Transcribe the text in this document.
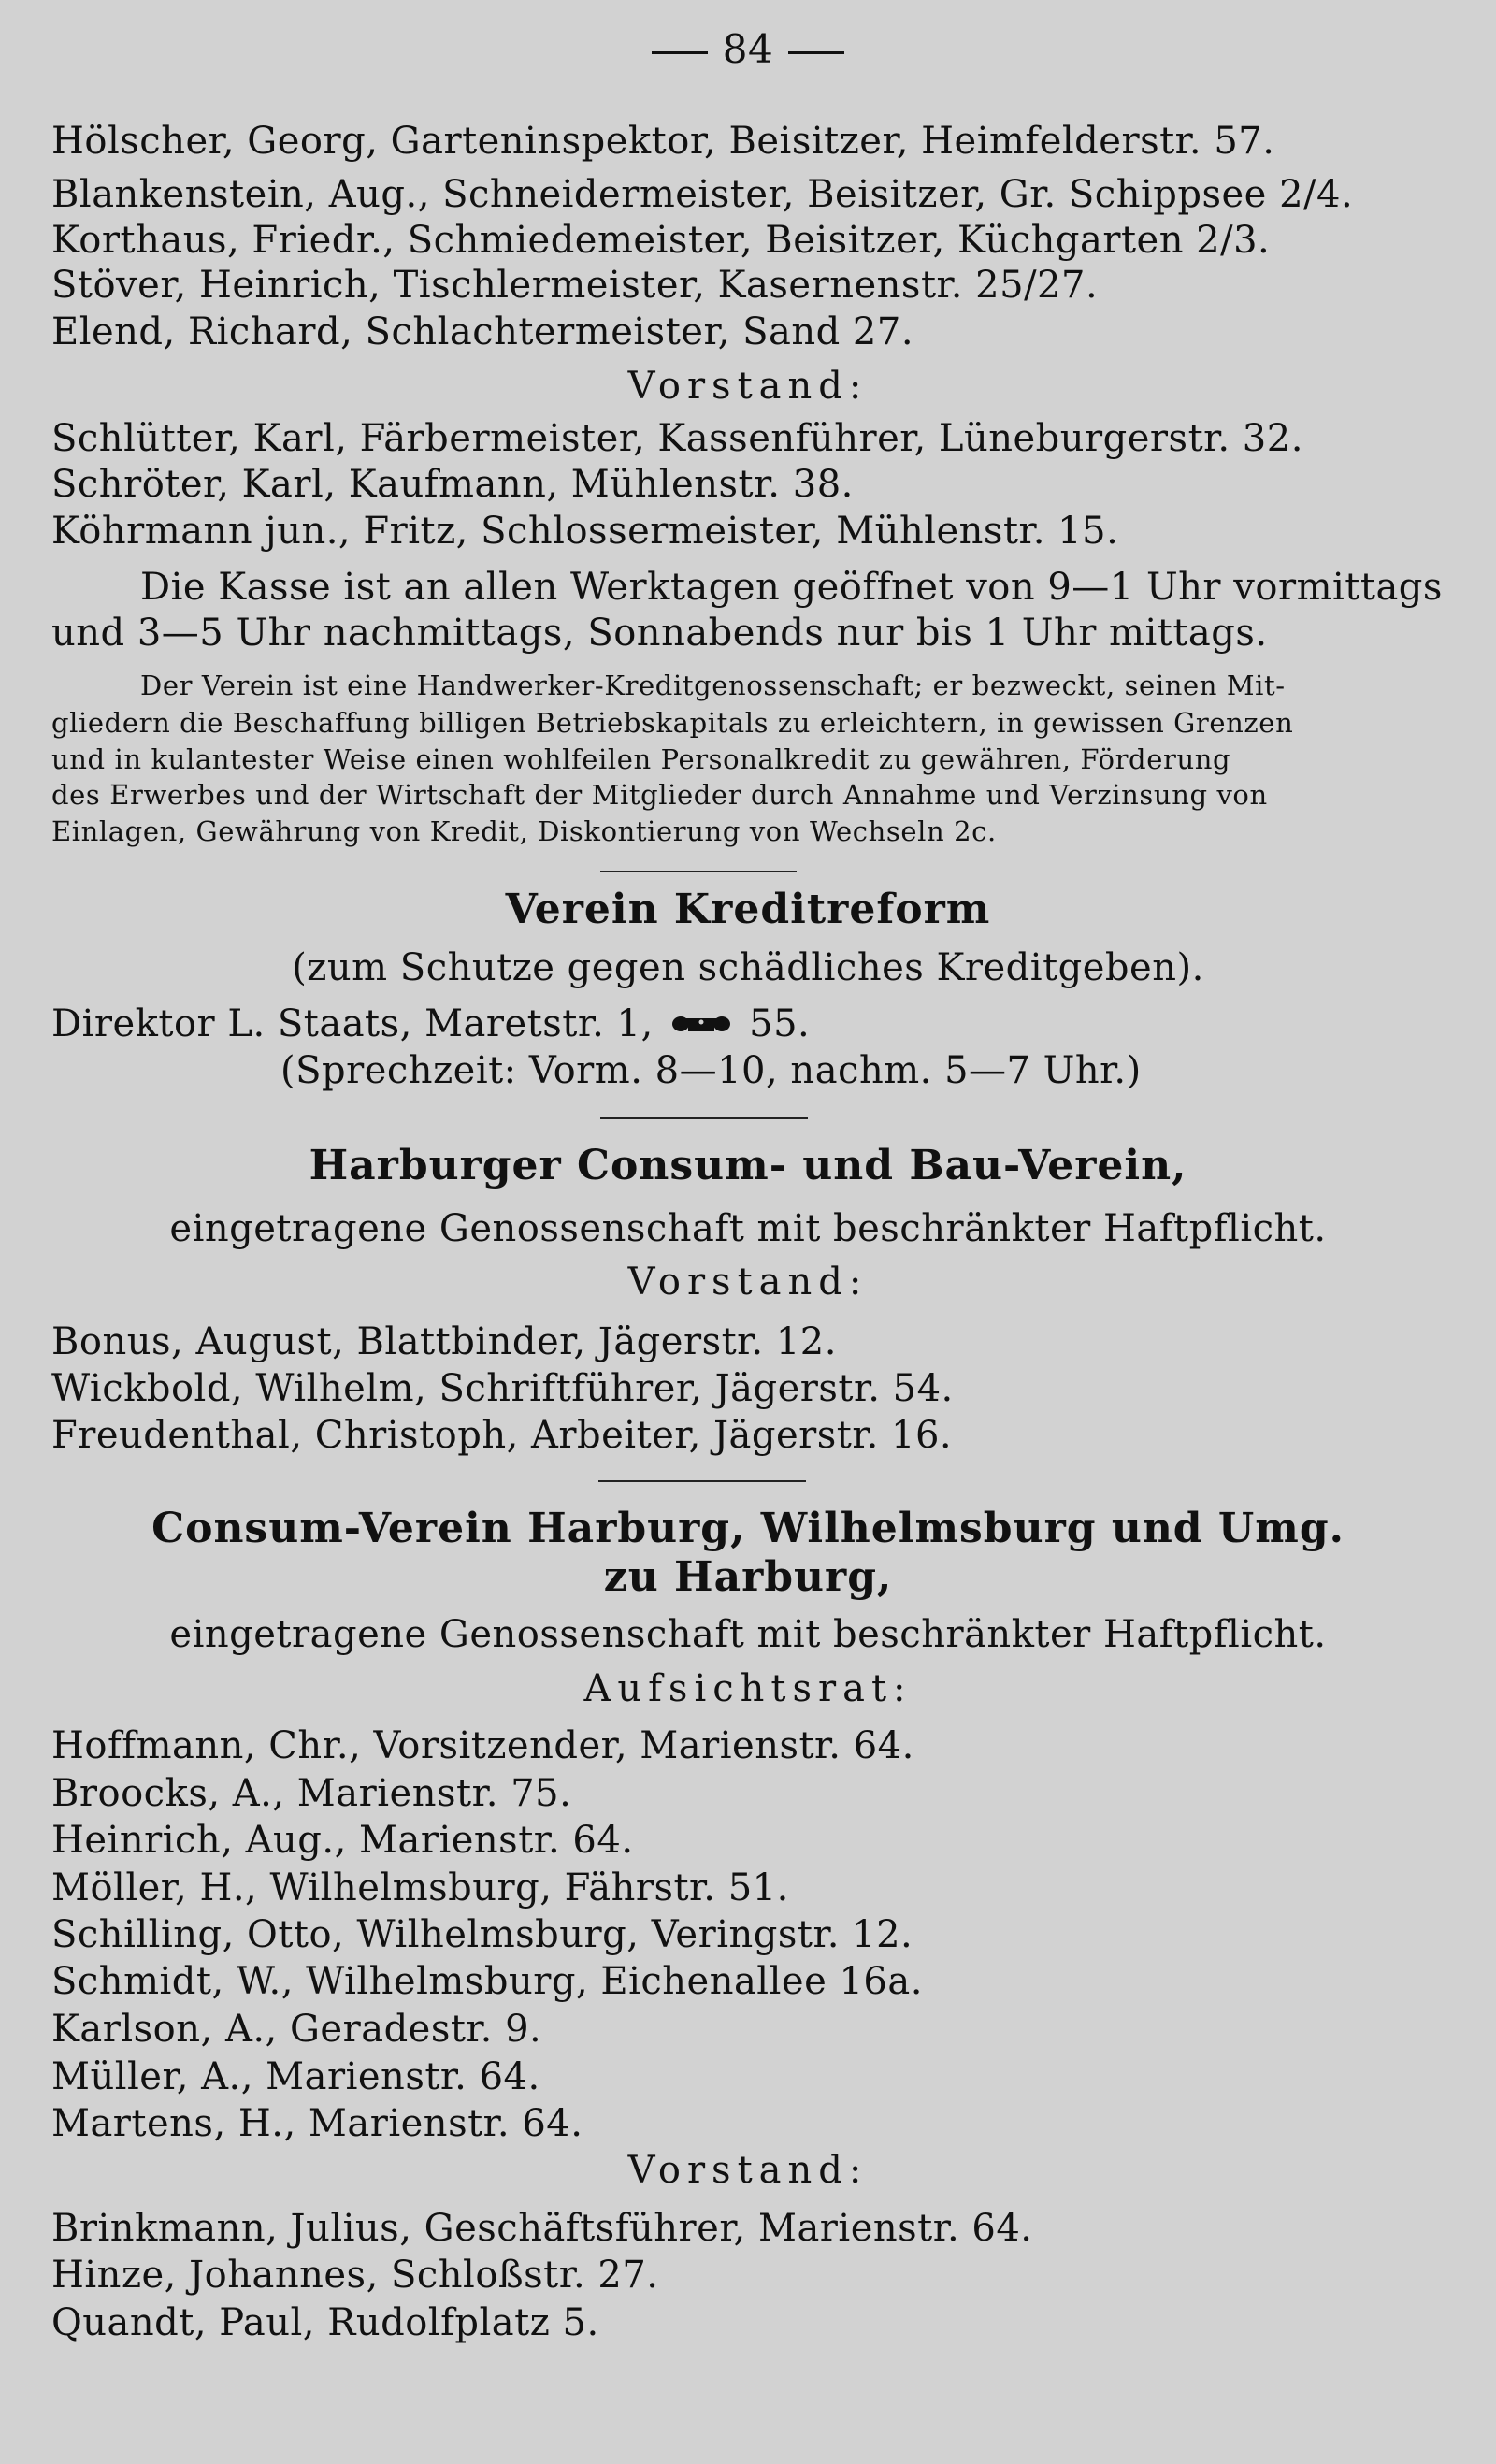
84
Hölscher, Georg, Garteninspektor, Beisitzer, Heimfelderstr. 57.
Blankenstein, Aug., Schneidermeister, Beisitzer, Gr. Schippsee 2/4.
Korthaus, Friedr., Schmiedemeister, Beisitzer, Küchgarten 2/3.
Stöver, Heinrich, Tischlermeister, Kasernenstr. 25/27.
Elend, Richard, Schlachtermeister, Sand 27.
Vorstand:
Schlütter, Karl, Färbermeister, Kassenführer, Lüneburgerstr. 32.
Schröter, Karl, Kaufmann, Mühlenstr. 38.
Köhrmann jun., Fritz, Schlossermeister, Mühlenstr. 15.
Die Kasse ist an allen Werktagen geöffnet von 9—1 Uhr vormittags
und 3—5 Uhr nachmittags, Sonnabends nur bis 1 Uhr mittags.
Der Verein ist eine Handwerker-Kreditgenossenschaft; er bezweckt, seinen Mit-
gliedern die Beschaffung billigen Betriebskapitals zu erleichtern, in gewissen Grenzen
und in kulantester Weise einen wohlfeilen Personalkredit zu gewähren, Förderung
des Erwerbes und der Wirtschaft der Mitglieder durch Annahme und Verzinsung von
Einlagen, Gewährung von Kredit, Diskontierung von Wechseln 2c.
Verein Kreditreform
(zum Schutze gegen schädliches Kreditgeben).
Direktor L. Staats, Maretstr. 1,	55.
(Sprechzeit: Vorm. 8—10, nachm. 5—7 Uhr.)
Harburger Consum- und Bau-Verein,
eingetragene Genossenschaft mit beschränkter Haftpflicht.
Vorstand:
Bonus, August, Blattbinder, Jägerstr. 12.
Wickbold, Wilhelm, Schriftführer, Jägerstr. 54.
Freudenthal, Christoph, Arbeiter, Jägerstr. 16.
Consum-Verein Harburg, Wilhelmsburg und Umg.
zu Harburg,
eingetragene Genossenschaft mit beschränkter Haftpflicht.
Aufsichtsrat:
Hoffmann, Chr., Vorsitzender, Marienstr. 64.
Broocks, A., Marienstr. 75.
Heinrich, Aug., Marienstr. 64.
Möller, H., Wilhelmsburg, Fährstr. 51.
Schilling, Otto, Wilhelmsburg, Veringstr. 12.
Schmidt, W., Wilhelmsburg, Eichenallee 16a.
Karlson, A., Geradestr. 9.
Müller, A., Marienstr. 64.
Martens, H., Marienstr. 64.
Vorstand:
Brinkmann, Julius, Geschäftsführer, Marienstr. 64.
Hinze, Johannes, Schloßstr. 27.
Quandt, Paul, Rudolfplatz 5.
